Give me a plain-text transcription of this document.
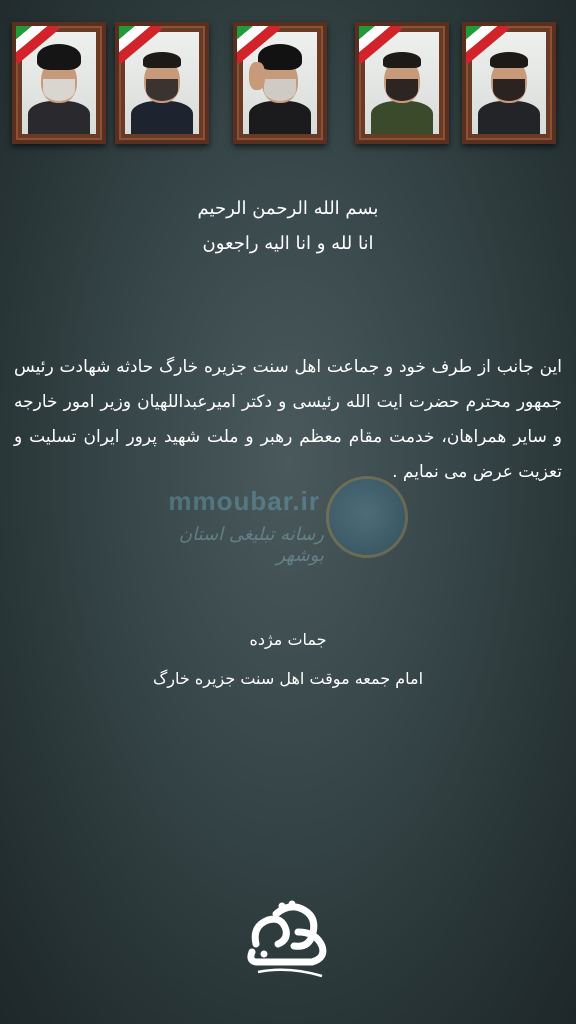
بسم الله الرحمن الرحیم
انا لله و انا الیه راجعون
mmoubar.ir
رسانه تبلیغی استان بوشهر
این جانب از طرف خود و جماعت اهل سنت جزیره خارگ حادثه شهادت رئیس جمهور محترم حضرت ایت الله رئیسی و دکتر امیرعبداللهیان وزیر امور خارجه و سایر همراهان، خدمت مقام معظم رهبر و ملت شهید پرور ایران تسلیت و تعزیت عرض می نمایم .
جمات مژده
امام جمعه موقت اهل سنت جزیره خارگ
